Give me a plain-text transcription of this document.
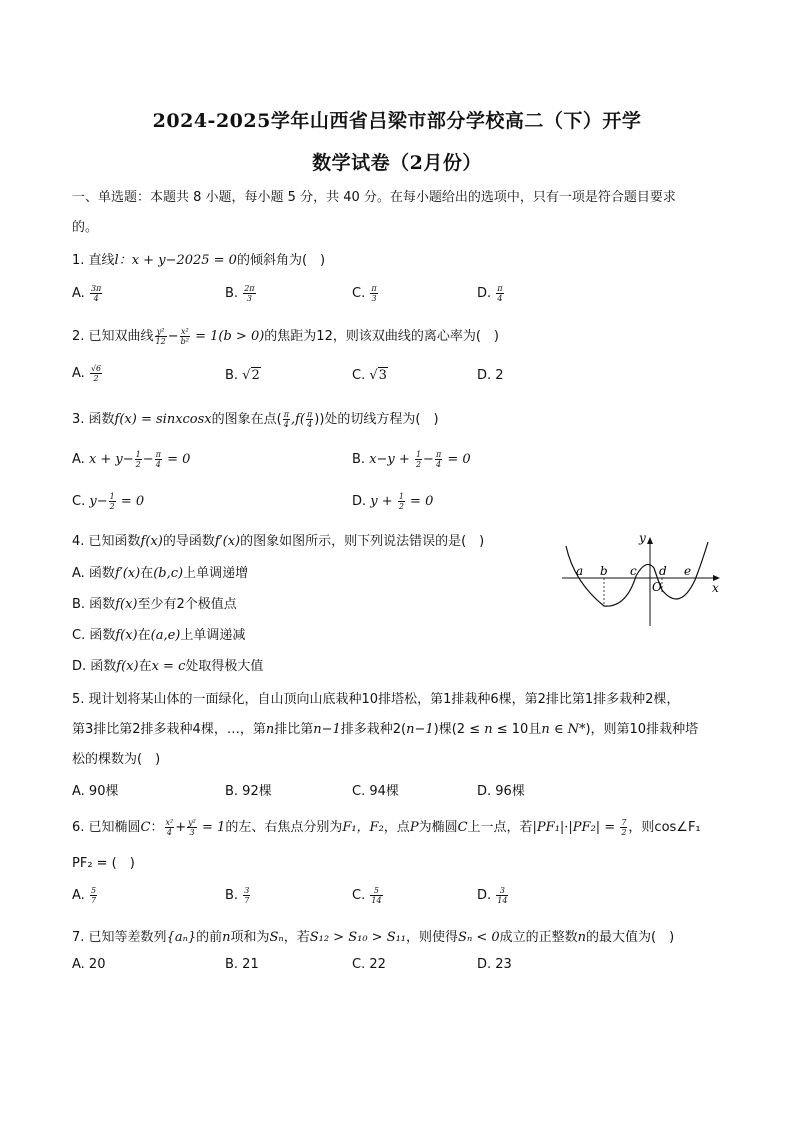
2024-2025学年山西省吕梁市部分学校高二（下）开学
数学试卷（2月份）
一、单选题：本题共 8 小题，每小题 5 分，共 40 分。在每小题给出的选项中，只有一项是符合题目要求
的。
1. 直线l：x + y−2025 = 0的倾斜角为(　)
A. $\frac{3\pi}{4}$	B. $\frac{2\pi}{3}$	C. $\frac{\pi}{3}$	D. $\frac{\pi}{4}$
2. 已知双曲线 $\frac{\text{y²}}{12} - \frac{\text{x²}}{\text{b²}} = 1(b > 0)$的焦距为12，则该双曲线的离心率为(　)
A. $\frac{√6}{2}$	B. √2	C. √3	D. 2
3. 函数f(x) = sinxcosx的图象在点( $\frac{\pi}{4} ,f( \frac{\pi}{4}$ ))处的切线方程为(　)
A. $x + y- \frac{1}{2} - \frac{\pi}{4} = 0$	B. $x-y + \frac{1}{2} - \frac{\pi}{4} = 0$
C. $y- \frac{1}{2} = 0$	D. $y + \frac{1}{2} = 0$
4. 已知函数f(x)的导函数f′(x)的图象如图所示，则下列说法错误的是(　)
A. 函数f′(x)在(b,c)上单调递增
B. 函数f(x)至少有2个极值点
C. 函数f(x)在(a,e)上单调递减
D. 函数f(x)在x = c处取得极大值
a b c d e
O
y
x
5. 现计划将某山体的一面绿化，自山顶向山底栽种10排塔松，第1排栽种6棵，第2排比第1排多栽种2棵，
第3排比第2排多栽种4棵，…，第n排比第n−1排多栽种2(n−1)棵(2 ≤ n ≤ 10且n ∈ N*)，则第10排栽种塔
松的棵数为(　)
A. 90棵	B. 92棵	C. 94棵	D. 96棵
6. 已知椭圆C： $\frac{\text{x²}}{4} + \frac{\text{y²}}{3} = 1$的左、右焦点分别为F₁，F₂，点P为椭圆C上一点，若$|PF_1|\cdot|PF_2| = \frac{7}{2}$ ，则cos∠F₁
PF₂ = (　)
A. $\frac{5}{7}$	B. $\frac{3}{7}$	C. $\frac{5}{14}$	D. $\frac{3}{14}$
7. 已知等差数列{aₙ}的前n项和为Sₙ，若S₁₂ > S₁₀ > S₁₁，则使得Sₙ < 0成立的正整数n的最大值为(　)
A. 20	B. 21	C. 22	D. 23
